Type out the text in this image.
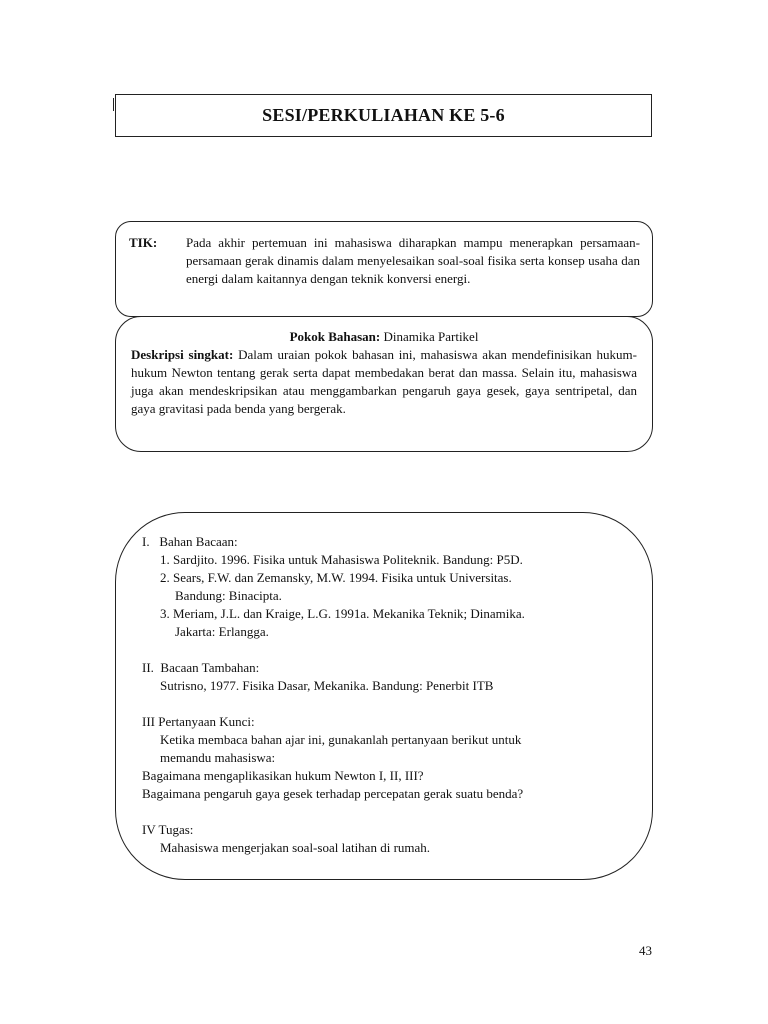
SESI/PERKULIAHAN KE 5-6
TIK:	Pada akhir pertemuan ini mahasiswa diharapkan mampu menerapkan persamaan-persamaan gerak dinamis dalam menyelesaikan soal-soal fisika serta konsep usaha dan energi dalam kaitannya dengan teknik konversi energi.
Pokok Bahasan: Dinamika Partikel

Deskripsi singkat: Dalam uraian pokok bahasan ini, mahasiswa akan mendefinisikan hukum-hukum Newton tentang gerak serta dapat membedakan berat dan massa. Selain itu, mahasiswa juga akan mendeskripsikan atau menggambarkan pengaruh gaya gesek, gaya sentripetal, dan gaya gravitasi pada benda yang bergerak.

I.   Bahan Bacaan:
1. Sardjito. 1996. Fisika untuk Mahasiswa Politeknik. Bandung: P5D.
2. Sears, F.W. dan Zemansky, M.W. 1994. Fisika untuk Universitas.
Bandung: Binacipta.
3. Meriam, J.L. dan Kraige, L.G. 1991a. Mekanika Teknik; Dinamika.
Jakarta: Erlangga.
II.  Bacaan Tambahan:
Sutrisno, 1977. Fisika Dasar, Mekanika. Bandung: Penerbit ITB
III Pertanyaan Kunci:
Ketika membaca bahan ajar ini, gunakanlah pertanyaan berikut untuk
memandu mahasiswa:
Bagaimana mengaplikasikan hukum Newton I, II, III?
Bagaimana pengaruh gaya gesek terhadap percepatan gerak suatu benda?
IV Tugas:
Mahasiswa mengerjakan soal-soal latihan di rumah.
43
